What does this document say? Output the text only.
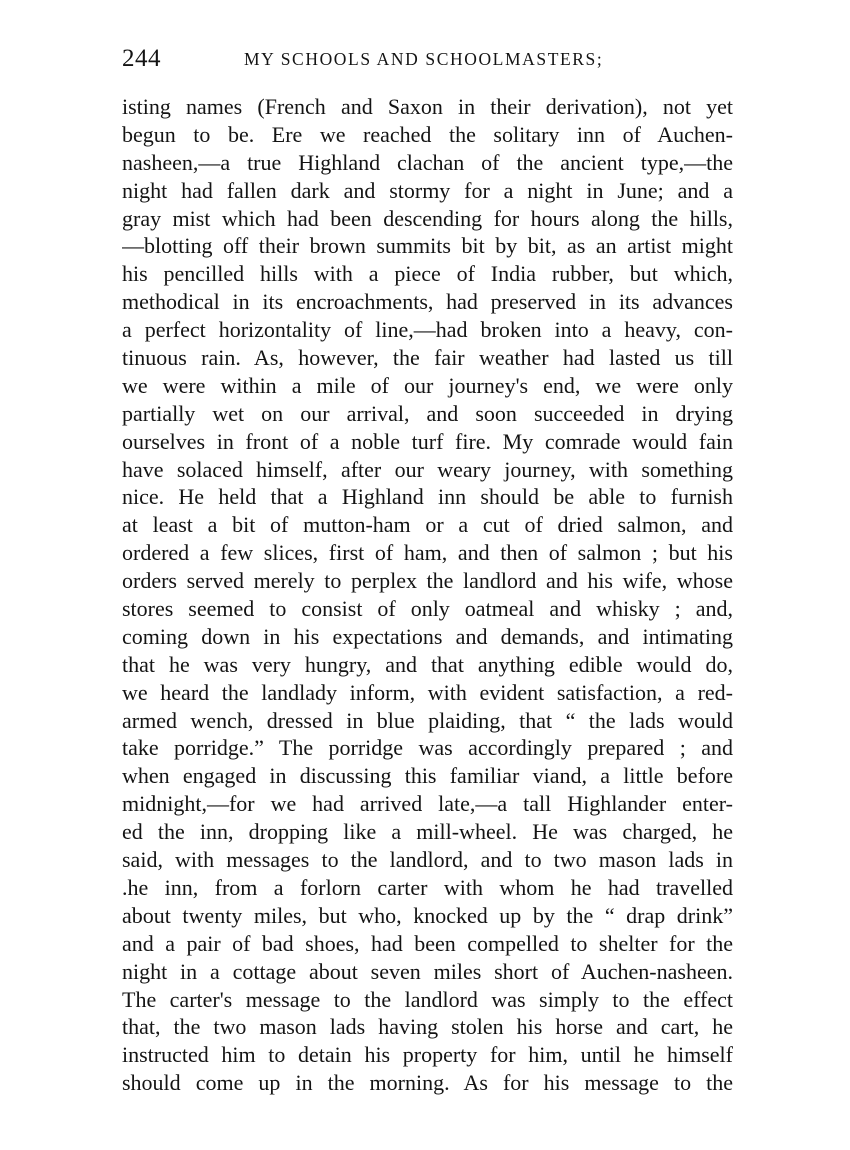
244	MY SCHOOLS AND SCHOOLMASTERS;
isting names (French and Saxon in their derivation), not yet
begun to be. Ere we reached the solitary inn of Auchen-
nasheen,—a true Highland clachan of the ancient type,—the
night had fallen dark and stormy for a night in June; and a
gray mist which had been descending for hours along the hills,
—blotting off their brown summits bit by bit, as an artist might
his pencilled hills with a piece of India rubber, but which,
methodical in its encroachments, had preserved in its advances
a perfect horizontality of line,—had broken into a heavy, con-
tinuous rain. As, however, the fair weather had lasted us till
we were within a mile of our journey's end, we were only
partially wet on our arrival, and soon succeeded in drying
ourselves in front of a noble turf fire. My comrade would fain
have solaced himself, after our weary journey, with something
nice. He held that a Highland inn should be able to furnish
at least a bit of mutton-ham or a cut of dried salmon, and
ordered a few slices, first of ham, and then of salmon ; but his
orders served merely to perplex the landlord and his wife, whose
stores seemed to consist of only oatmeal and whisky ; and,
coming down in his expectations and demands, and intimating
that he was very hungry, and that anything edible would do,
we heard the landlady inform, with evident satisfaction, a red-
armed wench, dressed in blue plaiding, that “ the lads would
take porridge.” The porridge was accordingly prepared ; and
when engaged in discussing this familiar viand, a little before
midnight,—for we had arrived late,—a tall Highlander enter-
ed the inn, dropping like a mill-wheel. He was charged, he
said, with messages to the landlord, and to two mason lads in
.he inn, from a forlorn carter with whom he had travelled
about twenty miles, but who, knocked up by the “ drap drink”
and a pair of bad shoes, had been compelled to shelter for the
night in a cottage about seven miles short of Auchen-nasheen.
The carter's message to the landlord was simply to the effect
that, the two mason lads having stolen his horse and cart, he
instructed him to detain his property for him, until he himself
should come up in the morning. As for his message to the
